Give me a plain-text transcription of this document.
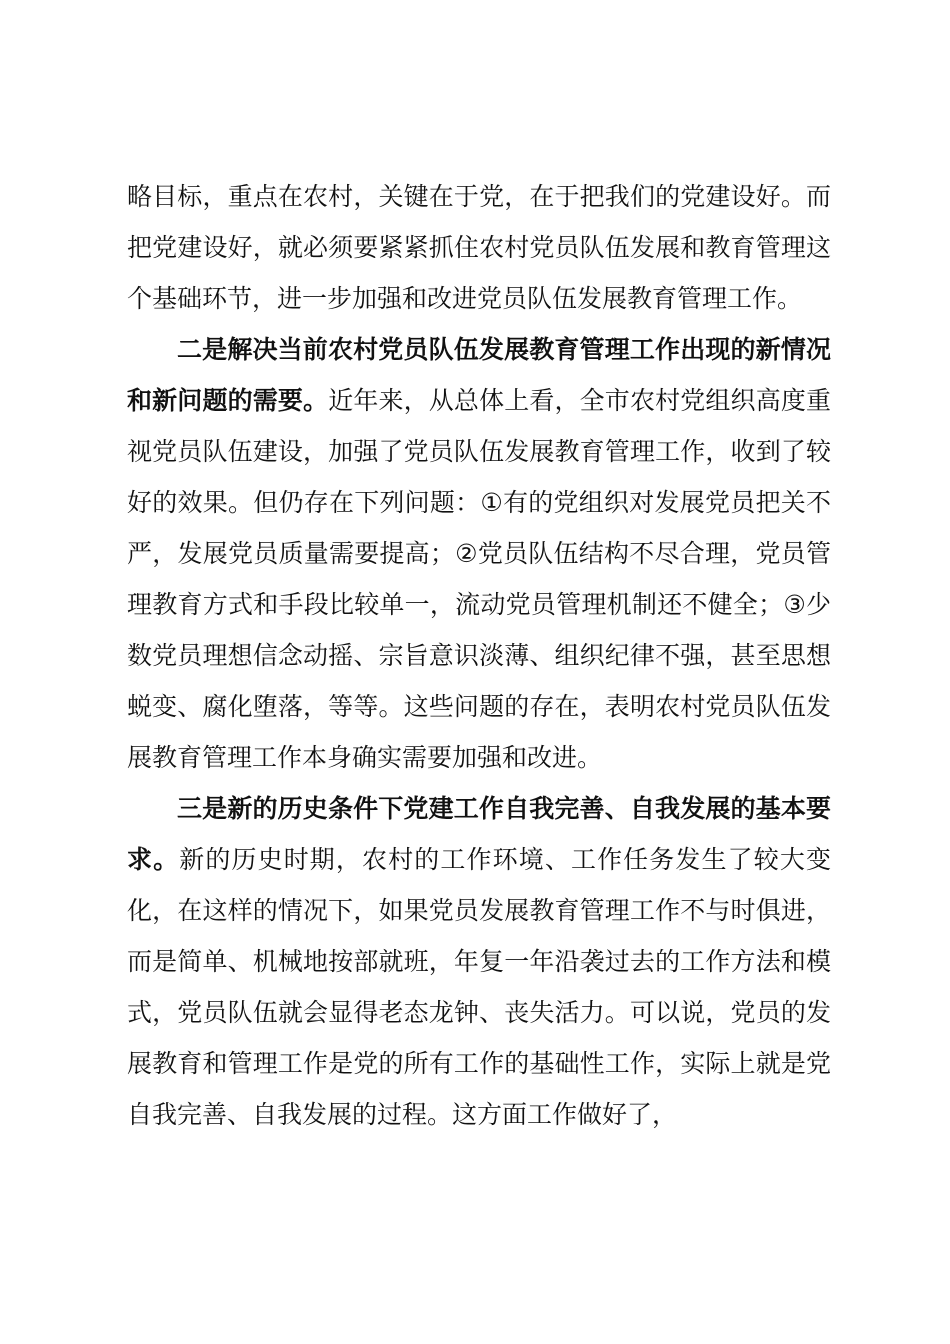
略目标，重点在农村，关键在于党，在于把我们的党建设好。而把党建设好，就必须要紧紧抓住农村党员队伍发展和教育管理这个基础环节，进一步加强和改进党员队伍发展教育管理工作。

二是解决当前农村党员队伍发展教育管理工作出现的新情况和新问题的需要。近年来，从总体上看，全市农村党组织高度重视党员队伍建设，加强了党员队伍发展教育管理工作，收到了较好的效果。但仍存在下列问题：①有的党组织对发展党员把关不严，发展党员质量需要提高；②党员队伍结构不尽合理，党员管理教育方式和手段比较单一，流动党员管理机制还不健全；③少数党员理想信念动摇、宗旨意识淡薄、组织纪律不强，甚至思想蜕变、腐化堕落，等等。这些问题的存在，表明农村党员队伍发展教育管理工作本身确实需要加强和改进。

三是新的历史条件下党建工作自我完善、自我发展的基本要求。新的历史时期，农村的工作环境、工作任务发生了较大变化，在这样的情况下，如果党员发展教育管理工作不与时俱进，而是简单、机械地按部就班，年复一年沿袭过去的工作方法和模式，党员队伍就会显得老态龙钟、丧失活力。可以说，党员的发展教育和管理工作是党的所有工作的基础性工作，实际上就是党自我完善、自我发展的过程。这方面工作做好了，
